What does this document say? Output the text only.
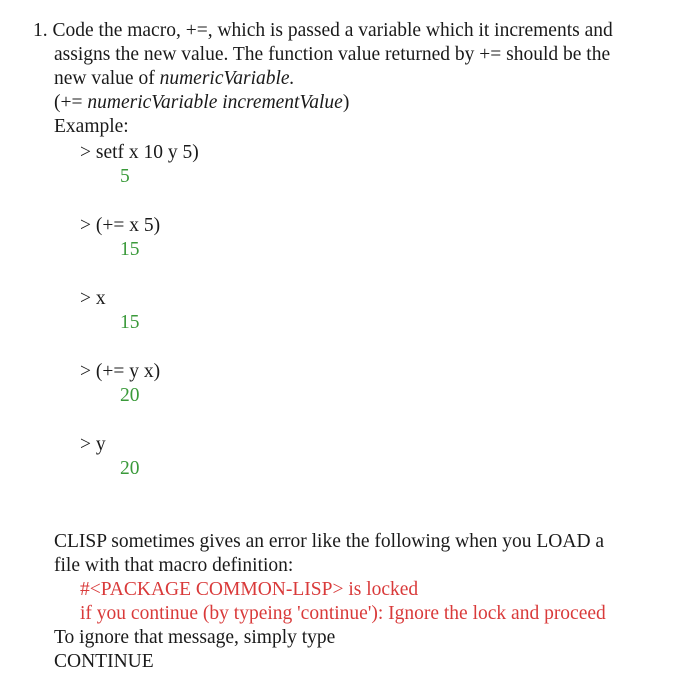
1. Code the macro, +=, which is passed a variable which it increments and
assigns the new value. The function value returned by += should be the
new value of numericVariable.
(+= numericVariable incrementValue)
Example:
> setf x 10 y 5)
5
> (+= x 5)
15
> x
15
> (+= y x)
20
> y
20
CLISP sometimes gives an error like the following when you LOAD a
file with that macro definition:
#<PACKAGE COMMON-LISP> is locked
if you continue (by typeing 'continue'): Ignore the lock and proceed
To ignore that message, simply type
CONTINUE
